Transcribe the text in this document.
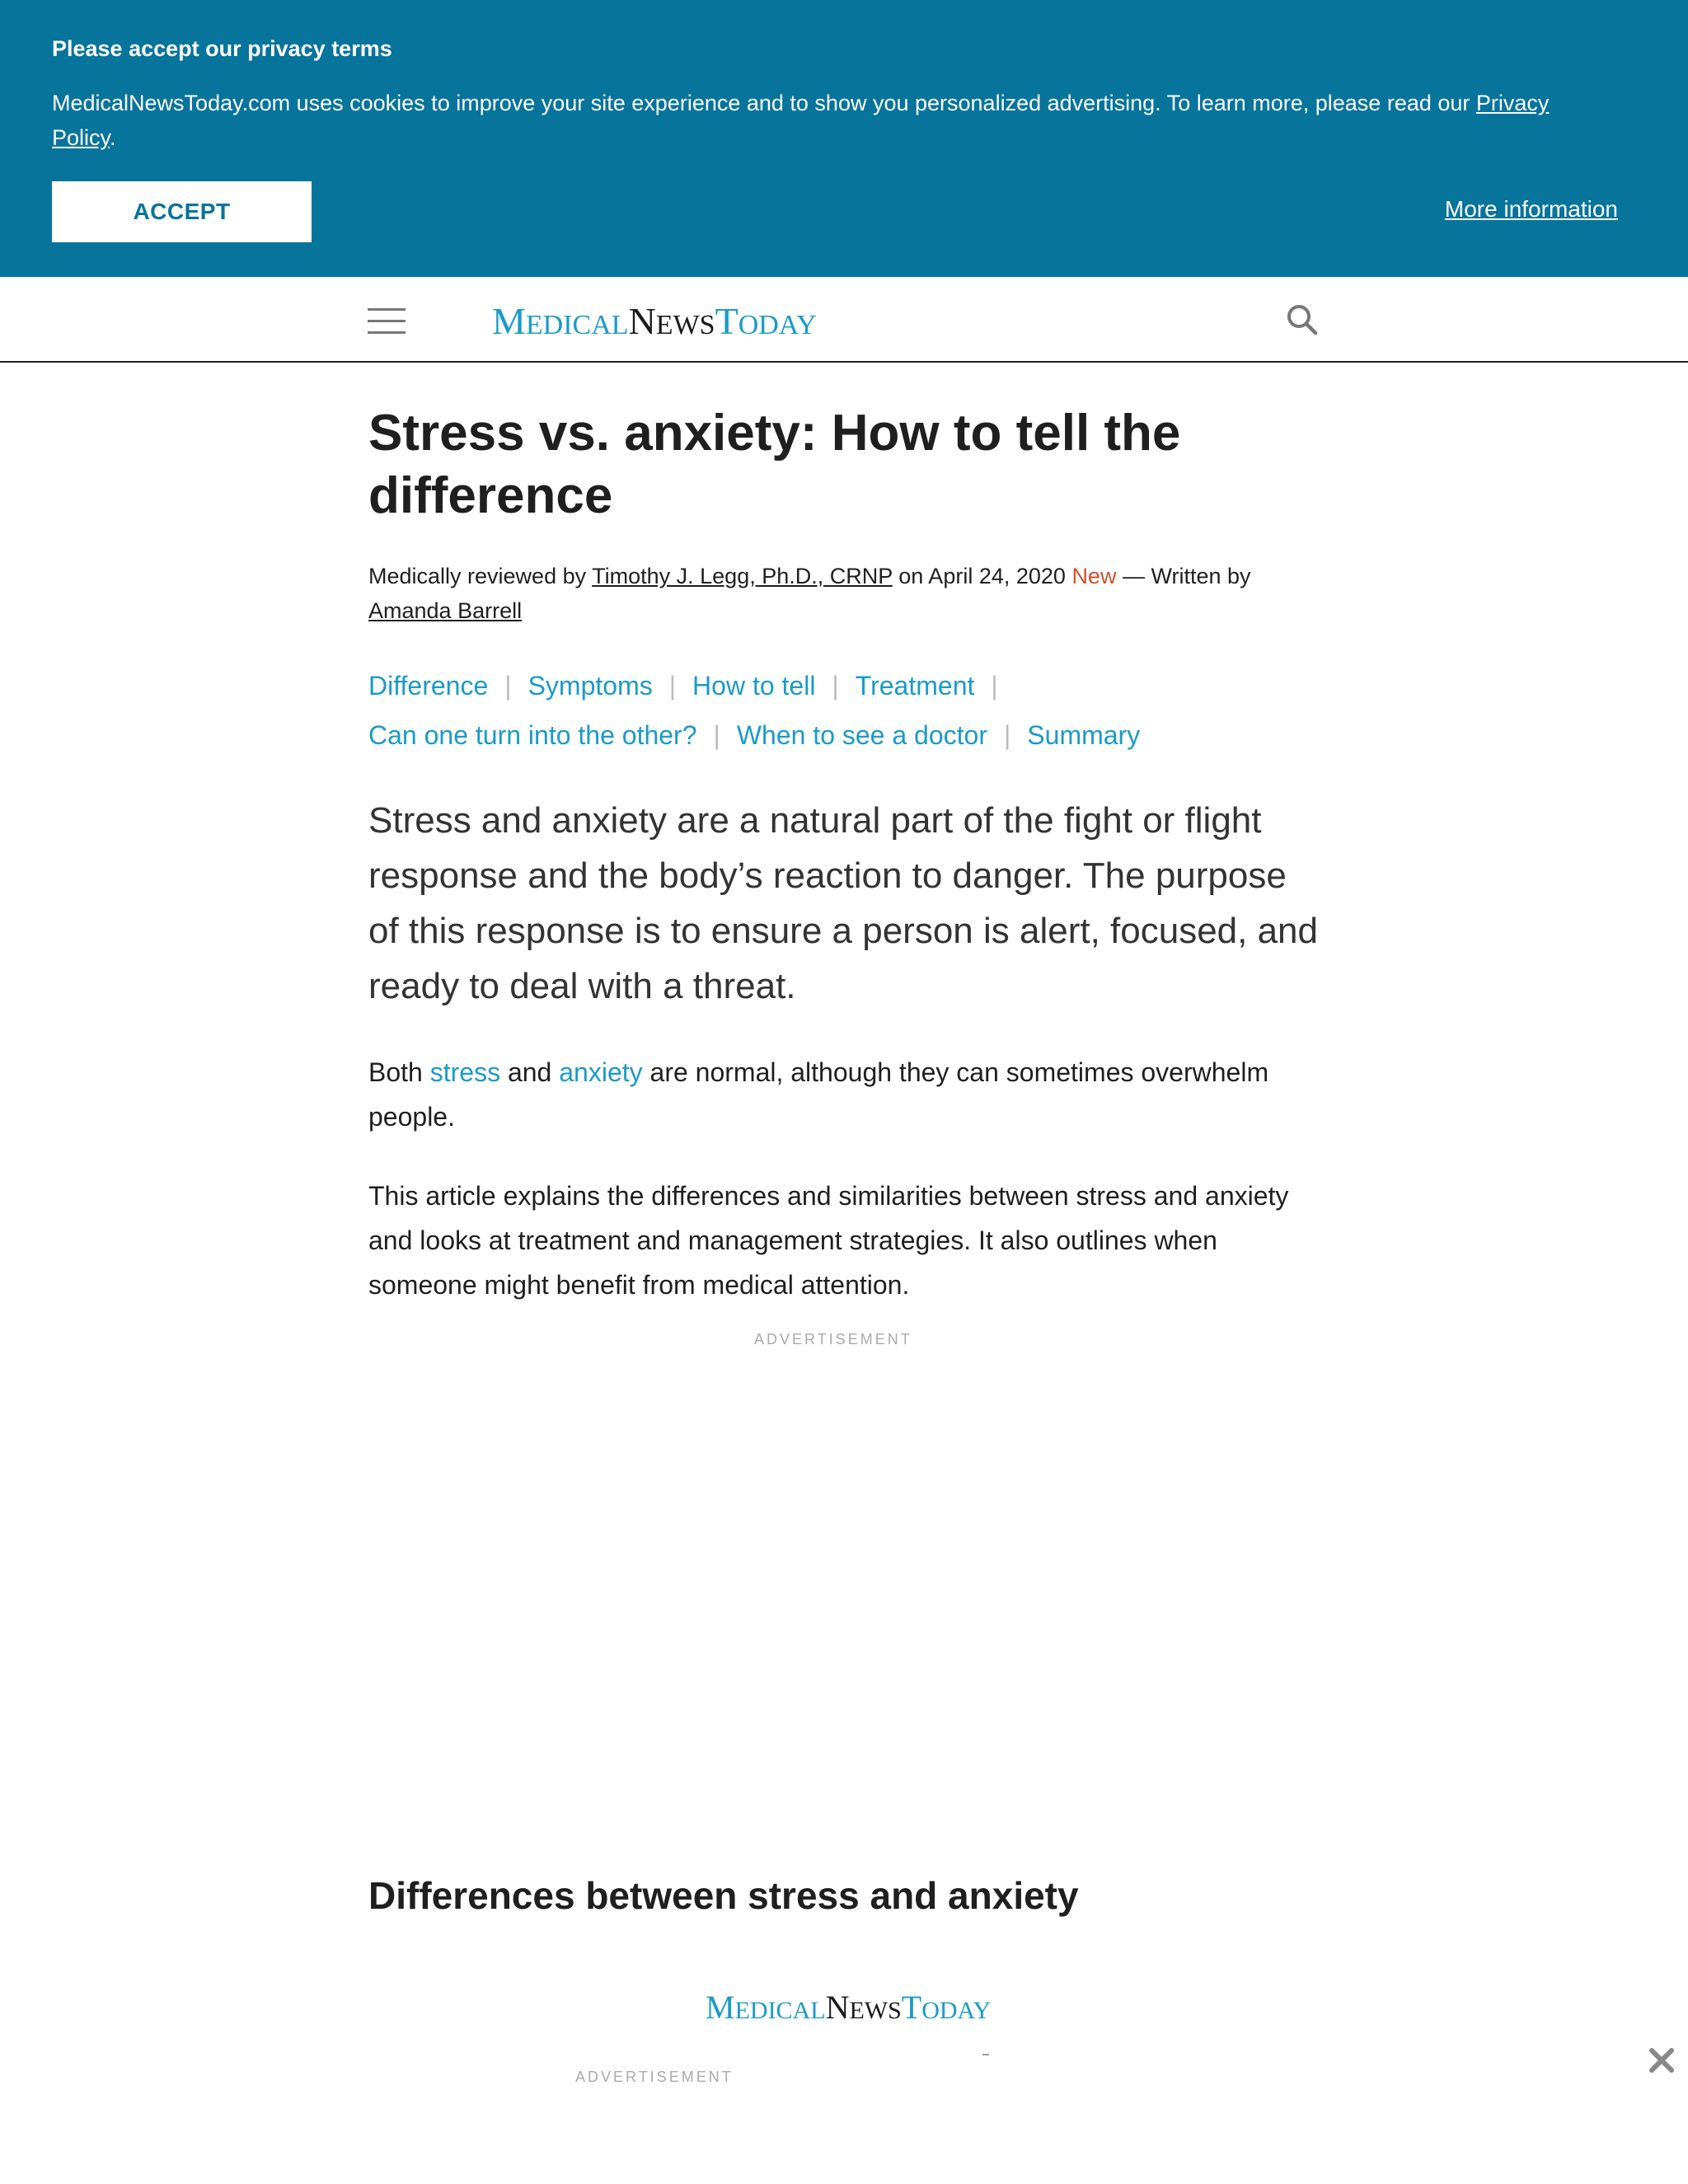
Please accept our privacy terms
MedicalNewsToday.com uses cookies to improve your site experience and to show you personalized advertising. To learn more, please read our Privacy Policy.
ACCEPT	More information
MEDICALNEWSTODAY
Stress vs. anxiety: How to tell the difference
Medically reviewed by Timothy J. Legg, Ph.D., CRNP on April 24, 2020 New — Written by
Amanda Barrell
Difference | Symptoms | How to tell | Treatment |
Can one turn into the other? | When to see a doctor | Summary

Stress and anxiety are a natural part of the fight or flight response and the body’s reaction to danger. The purpose of this response is to ensure a person is alert, focused, and ready to deal with a threat.

Both stress and anxiety are normal, although they can sometimes overwhelm people.

This article explains the differences and similarities between stress and anxiety and looks at treatment and management strategies. It also outlines when someone might benefit from medical attention.

ADVERTISEMENT
Differences between stress and anxiety
MEDICALNEWSTODAY
ADVERTISEMENT
